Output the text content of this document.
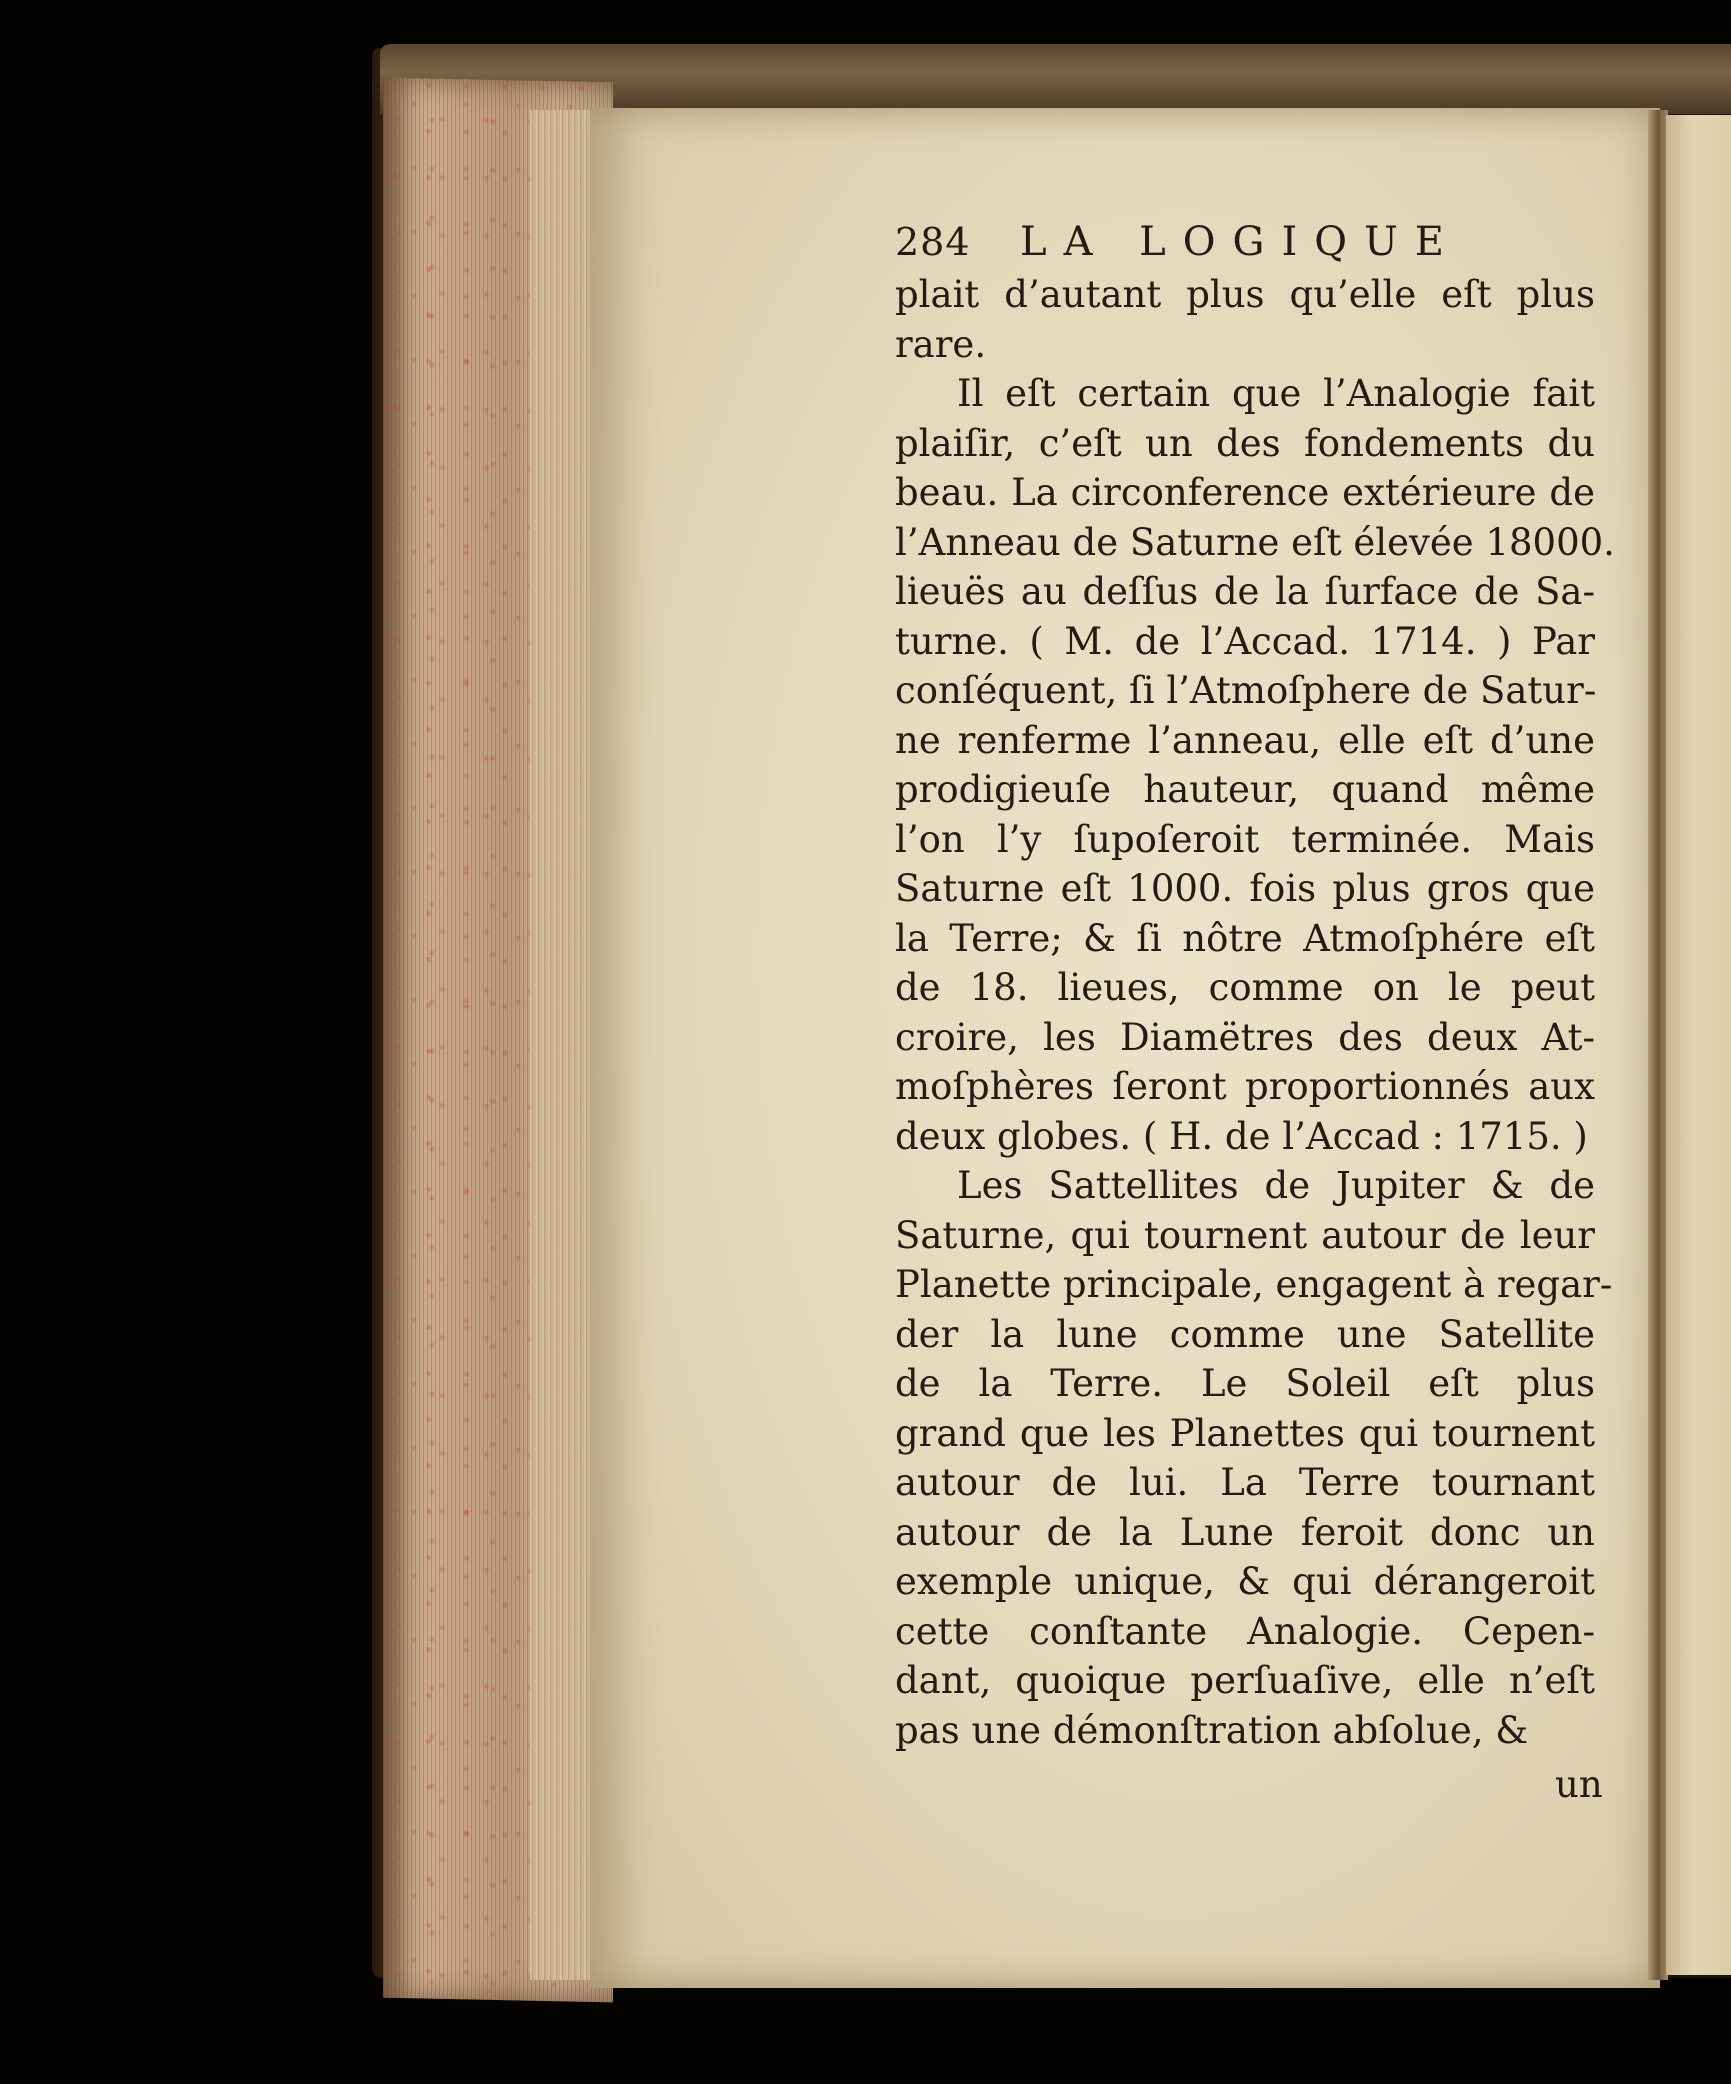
284	LA LOGIQUE
plait d’autant plus qu’elle eſt plus
rare.
Il eſt certain que l’Analogie fait
plaiſir, c’eſt un des fondements du
beau. La circonference extérieure de
l’Anneau de Saturne eſt élevée 18000.
lieuës au deſſus de la ſurface de Sa-
turne. ( M. de l’Accad. 1714. ) Par
conſéquent, ſi l’Atmoſphere de Satur-
ne renferme l’anneau, elle eſt d’une
prodigieuſe hauteur, quand même
l’on l’y ſupoſeroit terminée. Mais
Saturne eſt 1000. fois plus gros que
la Terre; & ſi nôtre Atmoſphére eſt
de 18. lieues, comme on le peut
croire, les Diamëtres des deux At-
moſphères ſeront proportionnés aux
deux globes. ( H. de l’Accad : 1715. )
Les Sattellites de Jupiter & de
Saturne, qui tournent autour de leur
Planette principale, engagent à regar-
der la lune comme une Satellite
de la Terre. Le Soleil eſt plus
grand que les Planettes qui tournent
autour de lui. La Terre tournant
autour de la Lune feroit donc un
exemple unique, & qui dérangeroit
cette conſtante Analogie. Cepen-
dant, quoique perſuaſive, elle n’eſt
pas une démonſtration abſolue, &
un
